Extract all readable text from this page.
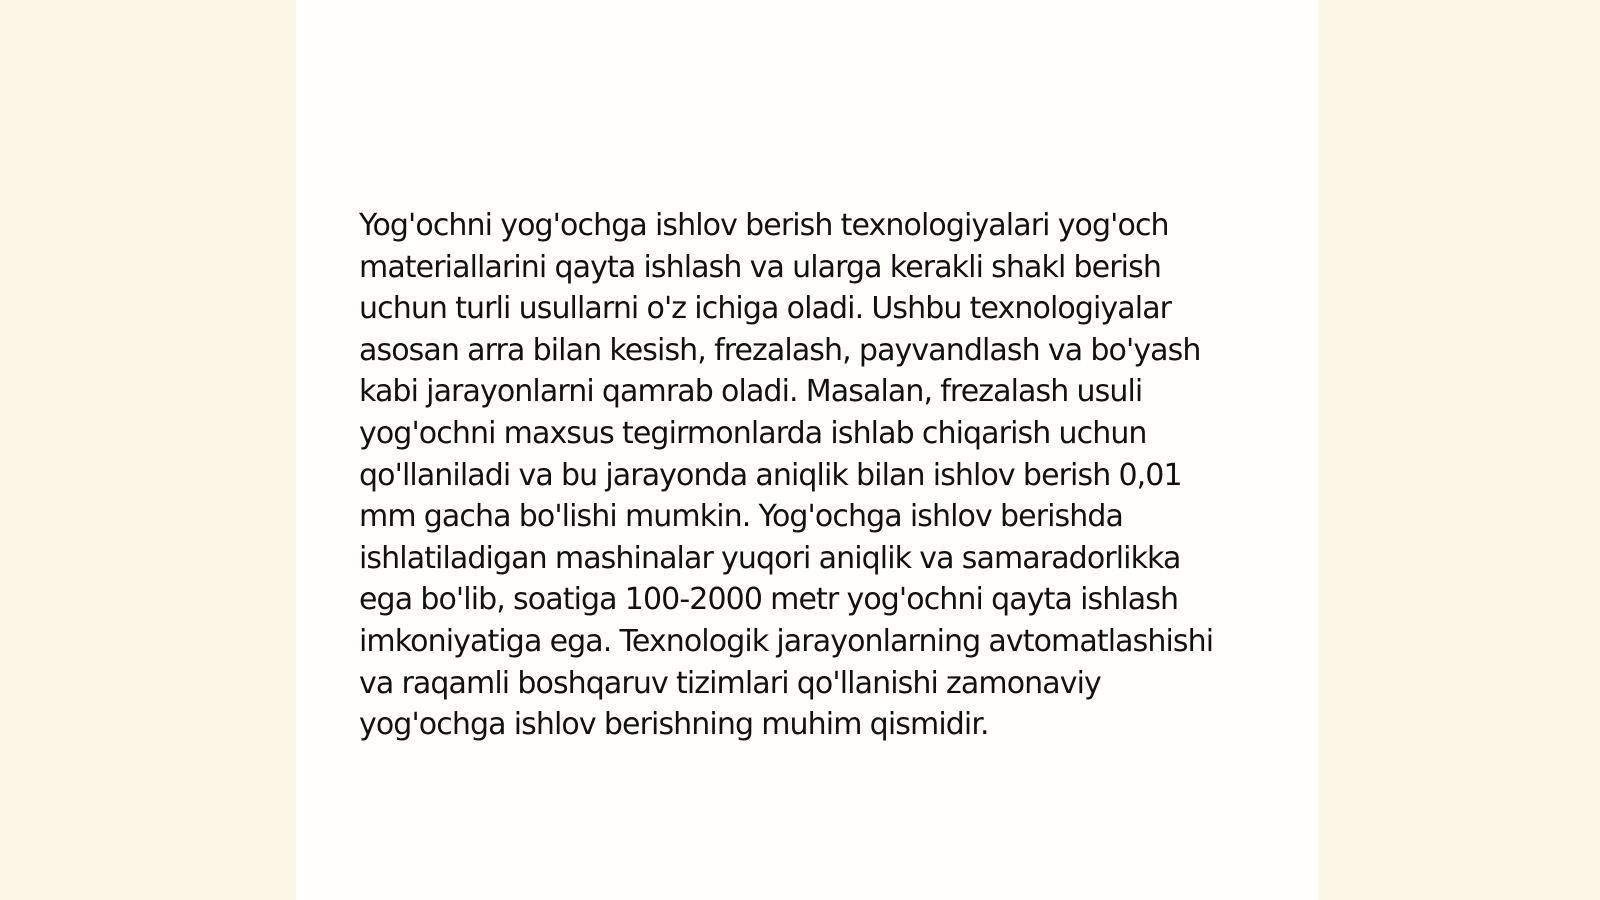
Yog'ochni yog'ochga ishlov berish texnologiyalari yog'och materiallarini qayta ishlash va ularga kerakli shakl berish uchun turli usullarni o'z ichiga oladi. Ushbu texnologiyalar asosan arra bilan kesish, frezalash, payvandlash va bo'yash kabi jarayonlarni qamrab oladi. Masalan, frezalash usuli yog'ochni maxsus tegirmonlarda ishlab chiqarish uchun qo'llaniladi va bu jarayonda aniqlik bilan ishlov berish 0,01 mm gacha bo'lishi mumkin. Yog'ochga ishlov berishda ishlatiladigan mashinalar yuqori aniqlik va samaradorlikka ega bo'lib, soatiga 100-2000 metr yog'ochni qayta ishlash imkoniyatiga ega. Texnologik jarayonlarning avtomatlashishi va raqamli boshqaruv tizimlari qo'llanishi zamonaviy yog'ochga ishlov berishning muhim qismidir.
